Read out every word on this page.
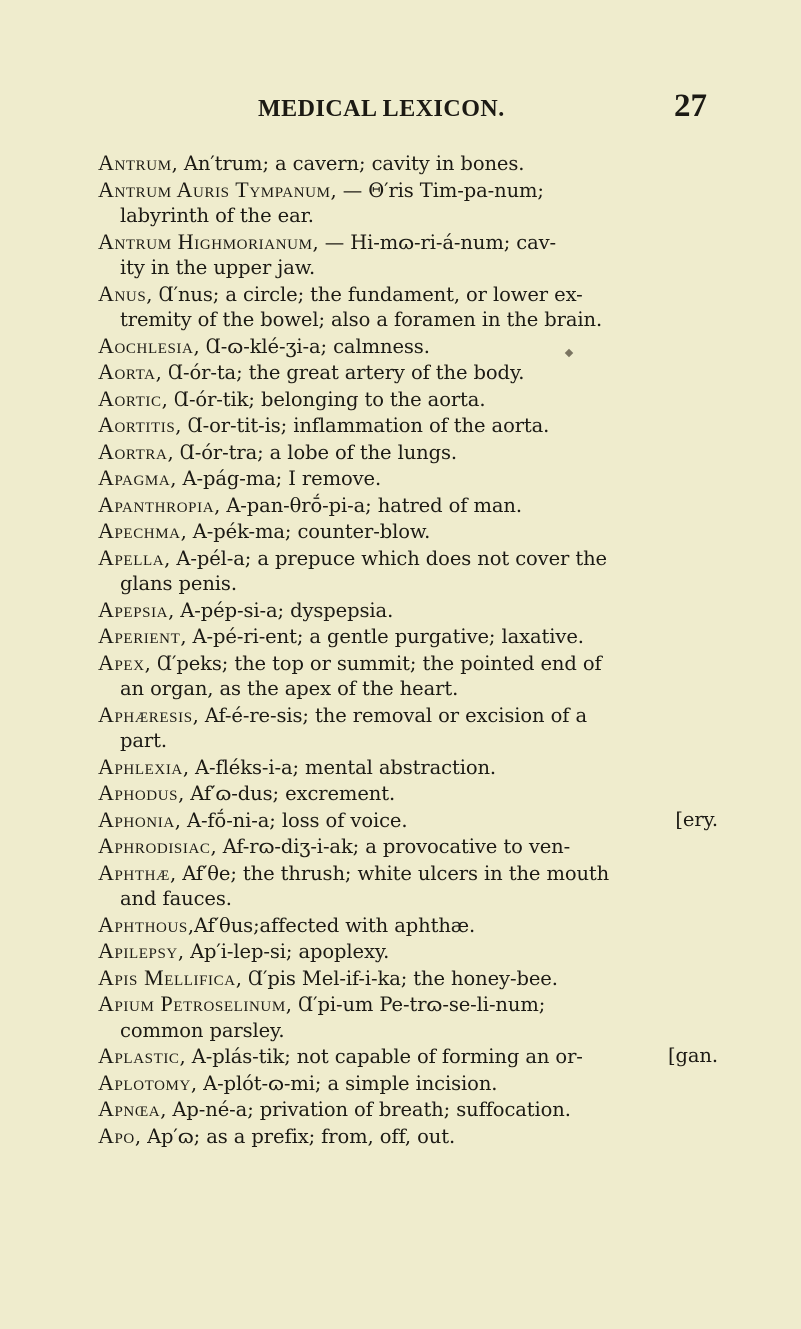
MEDICAL LEXICON.	27
Antrum, An′trum; a cavern; cavity in bones.
Antrum Auris Tympanum, — Θ′ris Tim-pa-num;
labyrinth of the ear.
Antrum Highmorianum, — Hi-mɷ-ri-á-num; cav-
ity in the upper jaw.
Anus, Ɑ′nus; a circle; the fundament, or lower ex-
tremity of the bowel; also a foramen in the brain.
Aochlesia, Ɑ-ɷ-klé-ʒi-a; calmness.
Aorta, Ɑ-ór-ta; the great artery of the body.
Aortic, Ɑ-ór-tik; belonging to the aorta.
Aortitis, Ɑ-or-tit-is; inflammation of the aorta.
Aortra, Ɑ-ór-tra; a lobe of the lungs.
Apagma, A-pág-ma; I remove.
Apanthropia, A-pan-θrṓ-pi-a; hatred of man.
Apechma, A-pék-ma; counter-blow.
Apella, A-pél-a; a prepuce which does not cover the
glans penis.
Apepsia, A-pép-si-a; dyspepsia.
Aperient, A-pé-ri-ent; a gentle purgative; laxative.
Apex, Ɑ′peks; the top or summit; the pointed end of
an organ, as the apex of the heart.
Aphæresis, Af-é-re-sis; the removal or excision of a
part.
Aphlexia, A-fléks-i-a; mental abstraction.
Aphodus, Af′ɷ-dus; excrement.
Aphonia, A-fṓ-ni-a; loss of voice.	[ery.
Aphrodisiac, Af-rɷ-diʒ-i-ak; a provocative to ven-
Aphthæ, Af′θe; the thrush; white ulcers in the mouth
and fauces.
Aphthous,Af′θus;affected with aphthæ.
Apilepsy, Ap′i-lep-si; apoplexy.
Apis Mellifica, Ɑ′pis Mel-if-i-ka; the honey-bee.
Apium Petroselinum, Ɑ′pi-um Pe-trɷ-se-li-num;
common parsley.
[gan.
Aplastic, A-plás-tik; not capable of forming an or-
Aplotomy, A-plót-ɷ-mi; a simple incision.
Apnœa, Ap-né-a; privation of breath; suffocation.
Apo, Ap′ɷ; as a prefix; from, off, out.
